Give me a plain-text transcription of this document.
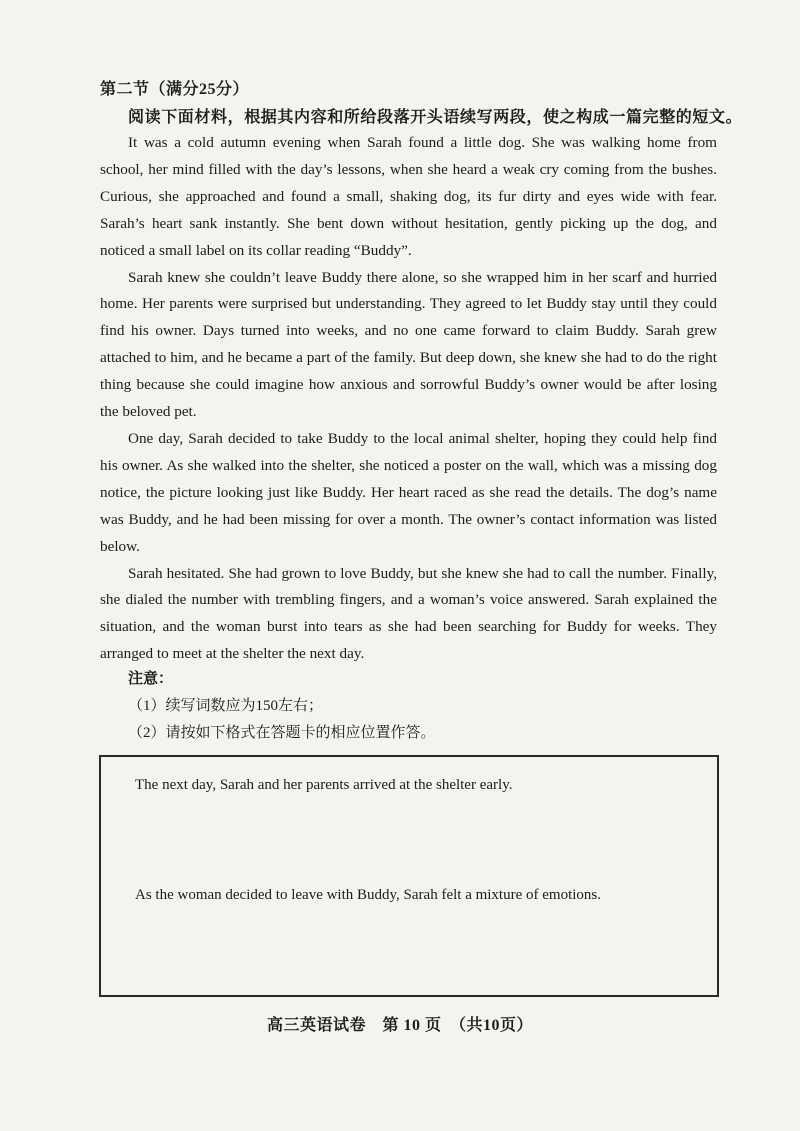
第二节（满分25分）
阅读下面材料，根据其内容和所给段落开头语续写两段，使之构成一篇完整的短文。

It was a cold autumn evening when Sarah found a little dog. She was walking home from school, her mind filled with the day’s lessons, when she heard a weak cry coming from the bushes. Curious, she approached and found a small, shaking dog, its fur dirty and eyes wide with fear. Sarah’s heart sank instantly. She bent down without hesitation, gently picking up the dog, and noticed a small label on its collar reading “Buddy”.

Sarah knew she couldn’t leave Buddy there alone, so she wrapped him in her scarf and hurried home. Her parents were surprised but understanding. They agreed to let Buddy stay until they could find his owner. Days turned into weeks, and no one came forward to claim Buddy. Sarah grew attached to him, and he became a part of the family. But deep down, she knew she had to do the right thing because she could imagine how anxious and sorrowful Buddy’s owner would be after losing the beloved pet.

One day, Sarah decided to take Buddy to the local animal shelter, hoping they could help find his owner. As she walked into the shelter, she noticed a poster on the wall, which was a missing dog notice, the picture looking just like Buddy. Her heart raced as she read the details. The dog’s name was Buddy, and he had been missing for over a month. The owner’s contact information was listed below.

Sarah hesitated. She had grown to love Buddy, but she knew she had to call the number. Finally, she dialed the number with trembling fingers, and a woman’s voice answered. Sarah explained the situation, and the woman burst into tears as she had been searching for Buddy for weeks. They arranged to meet at the shelter the next day.

注意：
（1）续写词数应为150左右；
（2）请按如下格式在答题卡的相应位置作答。
The next day, Sarah and her parents arrived at the shelter early.
As the woman decided to leave with Buddy, Sarah felt a mixture of emotions.
高三英语试卷　第 10 页　（共10页）
